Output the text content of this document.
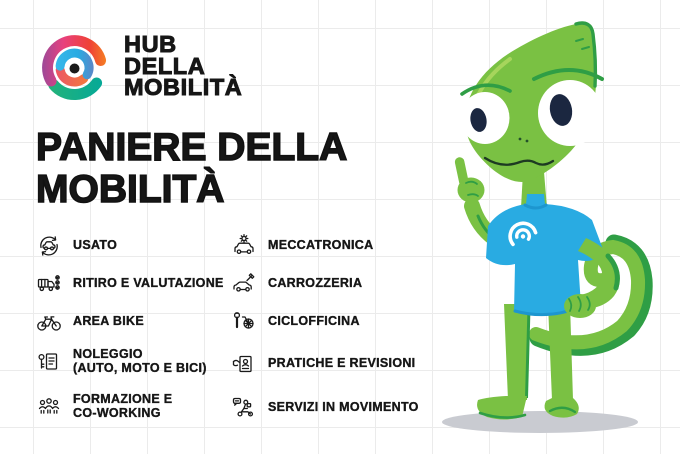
HUB
DELLA
MOBILITÀ
PANIERE DELLA
MOBILITÀ
USATO
RITIRO E VALUTAZIONE
AREA BIKE
NOLEGGIO
(AUTO, MOTO E BICI)
FORMAZIONE E
CO-WORKING
MECCATRONICA
CARROZZERIA
CICLOFFICINA
PRATICHE E REVISIONI
SERVIZI IN MOVIMENTO
